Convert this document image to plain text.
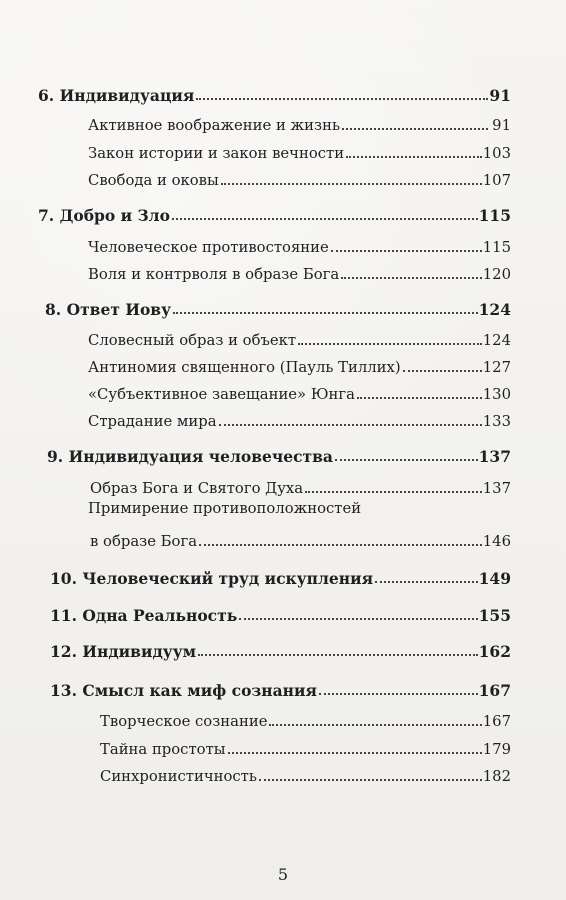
6. Индивидуация	91
Активное воображение и жизнь	91
Закон истории и закон вечности	103
Свобода и оковы	107
7. Добро и Зло	115
Человеческое противостояние	115
Воля и контрволя в образе Бога	120
8. Ответ Иову	124
Словесный образ и объект	124
Антиномия священного (Пауль Тиллих)	127
«Субъективное завещание» Юнга	130
Страдание мира	133
9. Индивидуация человечества	137
Образ Бога и Святого Духа	137
Примирение противоположностей
в образе Бога	146
10. Человеческий труд искупления	149
11. Одна Реальность	155
12. Индивидуум	162
13. Смысл как миф сознания	167
Творческое сознание	167
Тайна простоты	179
Синхронистичность	182
5
